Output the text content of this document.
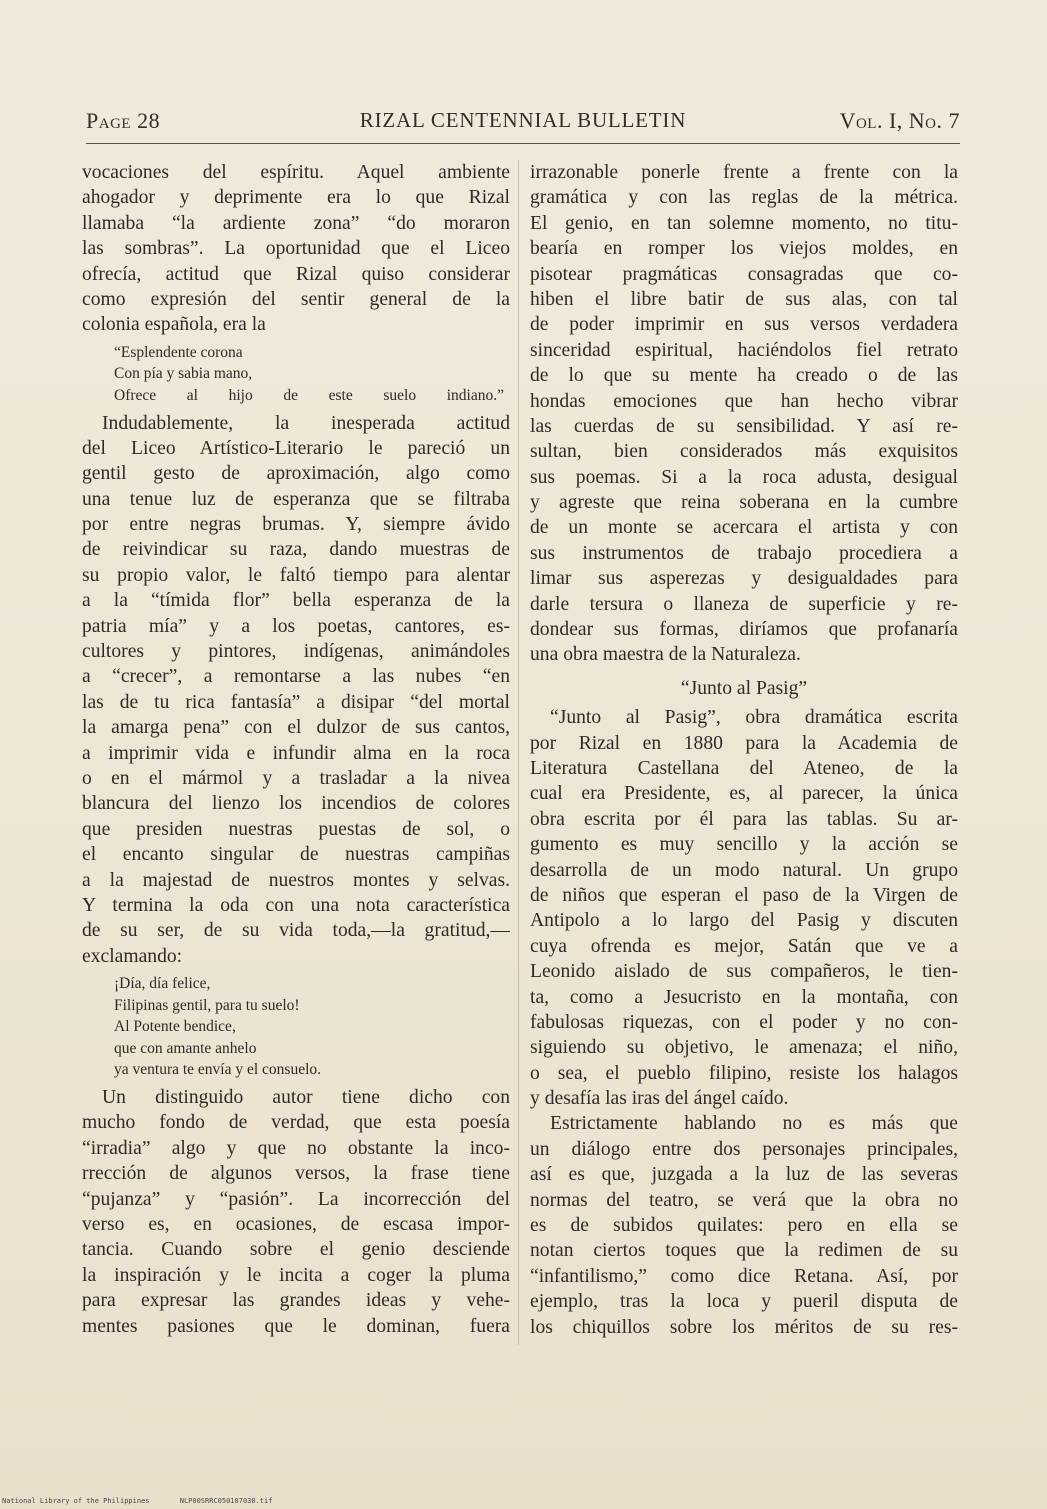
Page 28	RIZAL CENTENNIAL BULLETIN	Vol. I, No. 7
vocaciones del espíritu. Aquel ambiente
ahogador y deprimente era lo que Rizal
llamaba “la ardiente zona” “do moraron
las sombras”. La oportunidad que el Liceo
ofrecía, actitud que Rizal quiso considerar
como expresión del sentir general de la
colonia española, era la
“Esplendente corona
Con pía y sabia mano,
Ofrece al hijo de este suelo indiano.”
Indudablemente, la inesperada actitud
del Liceo Artístico-Literario le pareció un
gentil gesto de aproximación, algo como
una tenue luz de esperanza que se filtraba
por entre negras brumas. Y, siempre ávido
de reivindicar su raza, dando muestras de
su propio valor, le faltó tiempo para alentar
a la “tímida flor” bella esperanza de la
patria mía” y a los poetas, cantores, es-
cultores y pintores, indígenas, animándoles
a “crecer”, a remontarse a las nubes “en
las de tu rica fantasía” a disipar “del mortal
la amarga pena” con el dulzor de sus cantos,
a imprimir vida e infundir alma en la roca
o en el mármol y a trasladar a la nivea
blancura del lienzo los incendios de colores
que presiden nuestras puestas de sol, o
el encanto singular de nuestras campiñas
a la majestad de nuestros montes y selvas.
Y termina la oda con una nota característica
de su ser, de su vida toda,—la gratitud,—
exclamando:
¡Día, día felice,
Filipinas gentil, para tu suelo!
Al Potente bendice,
que con amante anhelo
ya ventura te envía y el consuelo.
Un distinguido autor tiene dicho con
mucho fondo de verdad, que esta poesía
“irradia” algo y que no obstante la inco-
rrección de algunos versos, la frase tiene
“pujanza” y “pasión”. La incorrección del
verso es, en ocasiones, de escasa impor-
tancia. Cuando sobre el genio desciende
la inspiración y le incita a coger la pluma
para expresar las grandes ideas y vehe-
mentes pasiones que le dominan, fuera
irrazonable ponerle frente a frente con la
gramática y con las reglas de la métrica.
El genio, en tan solemne momento, no titu-
bearía en romper los viejos moldes, en
pisotear pragmáticas consagradas que co-
hiben el libre batir de sus alas, con tal
de poder imprimir en sus versos verdadera
sinceridad espiritual, haciéndolos fiel retrato
de lo que su mente ha creado o de las
hondas emociones que han hecho vibrar
las cuerdas de su sensibilidad. Y así re-
sultan, bien considerados más exquisitos
sus poemas. Si a la roca adusta, desigual
y agreste que reina soberana en la cumbre
de un monte se acercara el artista y con
sus instrumentos de trabajo procediera a
limar sus asperezas y desigualdades para
darle tersura o llaneza de superficie y re-
dondear sus formas, diríamos que profanaría
una obra maestra de la Naturaleza.
“Junto al Pasig”
“Junto al Pasig”, obra dramática escrita
por Rizal en 1880 para la Academia de
Literatura Castellana del Ateneo, de la
cual era Presidente, es, al parecer, la única
obra escrita por él para las tablas. Su ar-
gumento es muy sencillo y la acción se
desarrolla de un modo natural. Un grupo
de niños que esperan el paso de la Virgen de
Antipolo a lo largo del Pasig y discuten
cuya ofrenda es mejor, Satán que ve a
Leonido aislado de sus compañeros, le tien-
ta, como a Jesucristo en la montaña, con
fabulosas riquezas, con el poder y no con-
siguiendo su objetivo, le amenaza; el niño,
o sea, el pueblo filipino, resiste los halagos
y desafía las iras del ángel caído.
Estrictamente hablando no es más que
un diálogo entre dos personajes principales,
así es que, juzgada a la luz de las severas
normas del teatro, se verá que la obra no
es de subidos quilates: pero en ella se
notan ciertos toques que la redimen de su
“infantilismo,” como dice Retana. Así, por
ejemplo, tras la loca y pueril disputa de
los chiquillos sobre los méritos de su res-
National Library of the Philippines	NLP00SRRC050107030.tif
